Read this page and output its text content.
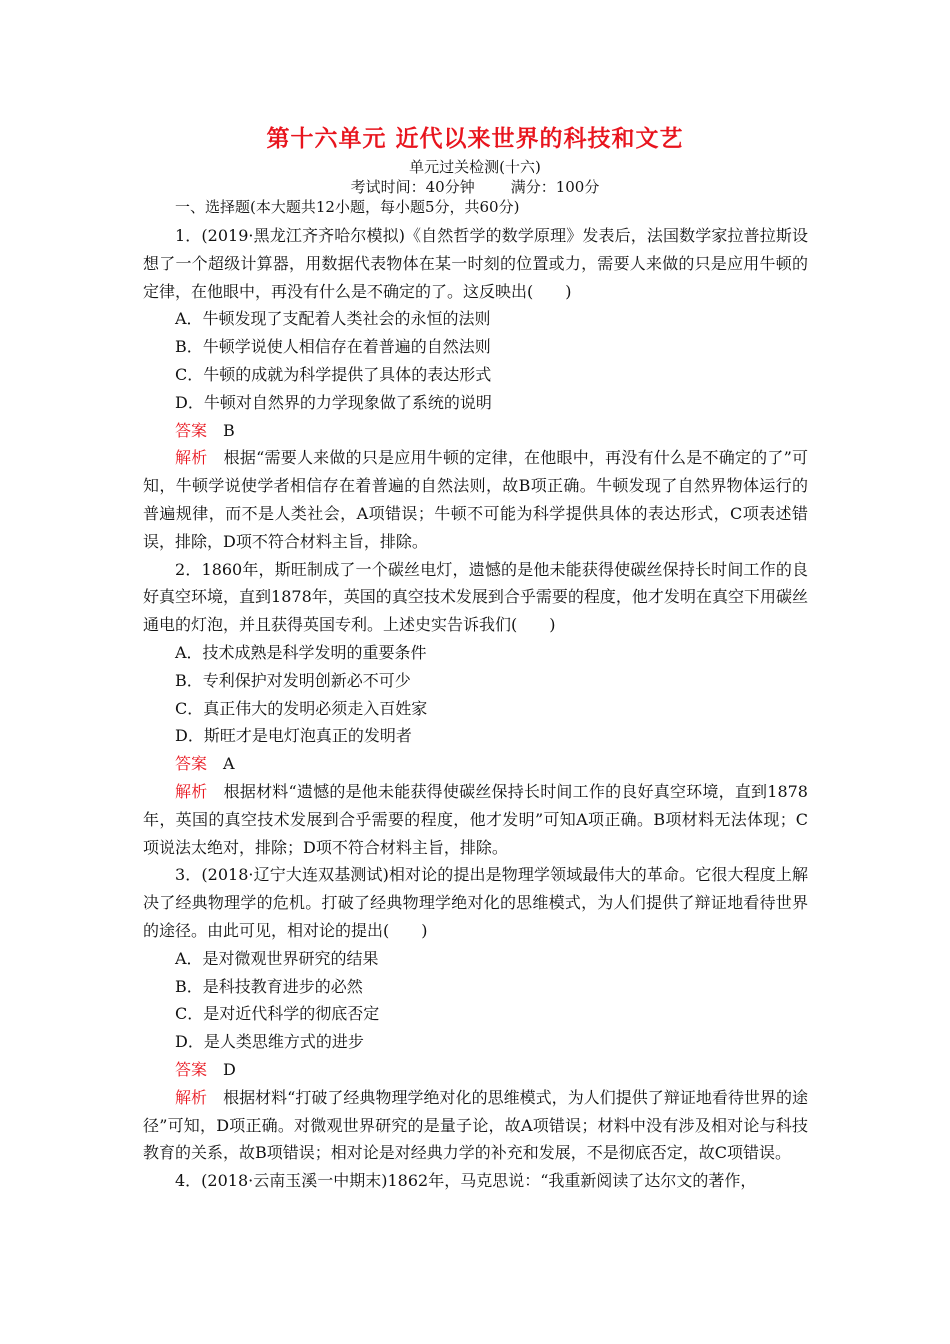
第十六单元 近代以来世界的科技和文艺
单元过关检测(十六)
考试时间：40分钟 满分：100分
一、选择题(本大题共12小题，每小题5分，共60分)

1．(2019·黑龙江齐齐哈尔模拟)《自然哲学的数学原理》发表后，法国数学家拉普拉斯设想了一个超级计算器，用数据代表物体在某一时刻的位置或力，需要人来做的只是应用牛顿的定律，在他眼中，再没有什么是不确定的了。这反映出(　　)

A．牛顿发现了支配着人类社会的永恒的法则

B．牛顿学说使人相信存在着普遍的自然法则

C．牛顿的成就为科学提供了具体的表达形式

D．牛顿对自然界的力学现象做了系统的说明

答案 B

解析 根据“需要人来做的只是应用牛顿的定律，在他眼中，再没有什么是不确定的了”可知，牛顿学说使学者相信存在着普遍的自然法则，故B项正确。牛顿发现了自然界物体运行的普遍规律，而不是人类社会，A项错误；牛顿不可能为科学提供具体的表达形式，C项表述错误，排除，D项不符合材料主旨，排除。

2．1860年，斯旺制成了一个碳丝电灯，遗憾的是他未能获得使碳丝保持长时间工作的良好真空环境，直到1878年，英国的真空技术发展到合乎需要的程度，他才发明在真空下用碳丝通电的灯泡，并且获得英国专利。上述史实告诉我们(　　)

A．技术成熟是科学发明的重要条件

B．专利保护对发明创新必不可少

C．真正伟大的发明必须走入百姓家

D．斯旺才是电灯泡真正的发明者

答案 A

解析 根据材料“遗憾的是他未能获得使碳丝保持长时间工作的良好真空环境，直到1878年，英国的真空技术发展到合乎需要的程度，他才发明”可知A项正确。B项材料无法体现；C项说法太绝对，排除；D项不符合材料主旨，排除。

3．(2018·辽宁大连双基测试)相对论的提出是物理学领域最伟大的革命。它很大程度上解决了经典物理学的危机。打破了经典物理学绝对化的思维模式，为人们提供了辩证地看待世界的途径。由此可见，相对论的提出(　　)

A．是对微观世界研究的结果

B．是科技教育进步的必然

C．是对近代科学的彻底否定

D．是人类思维方式的进步

答案 D

解析 根据材料“打破了经典物理学绝对化的思维模式，为人们提供了辩证地看待世界的途径”可知，D项正确。对微观世界研究的是量子论，故A项错误；材料中没有涉及相对论与科技教育的关系，故B项错误；相对论是对经典力学的补充和发展，不是彻底否定，故C项错误。

4．(2018·云南玉溪一中期末)1862年，马克思说：“我重新阅读了达尔文的著作，
